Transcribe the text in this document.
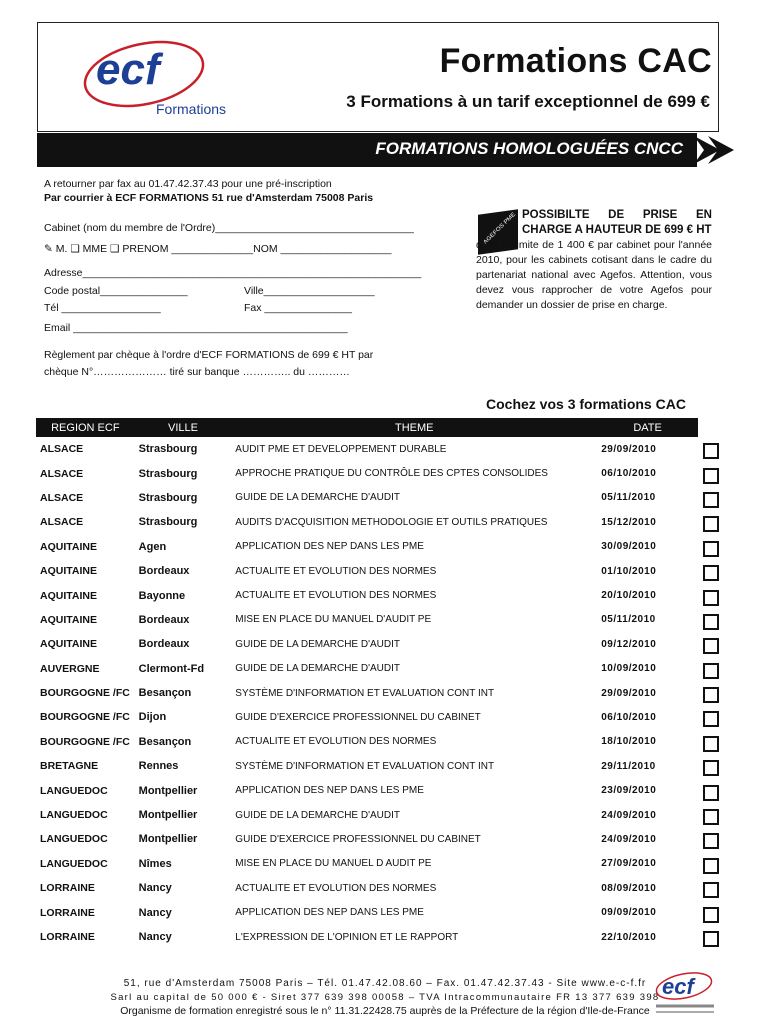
ecf
Formations
Formations CAC
3 Formations à un tarif exceptionnel de 699 €
FORMATIONS HOMOLOGUÉES CNCC
A retourner par fax au 01.47.42.37.43 pour une pré-inscription
Par courrier à ECF FORMATIONS 51 rue d'Amsterdam 75008 Paris
Cabinet (nom du membre de l'Ordre)__________________________________
✎ M. ❑ MME ❑ PRENOM ______________NOM ___________________
Adresse__________________________________________________________
Code postal_______________	Ville___________________
Tél _________________	Fax _______________
Email _______________________________________________
Règlement par chèque à l'ordre d'ECF FORMATIONS de 699 € HT par
chèque N°………………… tiré sur banque ………….. du …………
AGEFOS PME POSSIBILTE DE PRISE EN CHARGE A HAUTEUR DE 699 € HT
dans la limite de 1 400 € par cabinet pour l'année 2010, pour les cabinets cotisant dans le cadre du partenariat national avec Agefos. Attention, vous devez vous rapprocher de votre Agefos pour demander un dossier de prise en charge.
Cochez vos 3 formations CAC
REGION ECF	VILLE	THEME	DATE
ALSACE	Strasbourg	AUDIT PME ET DEVELOPPEMENT DURABLE	29/09/2010
ALSACE	Strasbourg	APPROCHE PRATIQUE DU CONTRÔLE DES CPTES CONSOLIDES	06/10/2010
ALSACE	Strasbourg	GUIDE DE LA DEMARCHE D'AUDIT	05/11/2010
ALSACE	Strasbourg	AUDITS D'ACQUISITION METHODOLOGIE ET OUTILS PRATIQUES	15/12/2010
AQUITAINE	Agen	APPLICATION DES NEP DANS LES PME	30/09/2010
AQUITAINE	Bordeaux	ACTUALITE ET EVOLUTION DES NORMES	01/10/2010
AQUITAINE	Bayonne	ACTUALITE ET EVOLUTION DES NORMES	20/10/2010
AQUITAINE	Bordeaux	MISE EN PLACE DU MANUEL D'AUDIT PE	05/11/2010
AQUITAINE	Bordeaux	GUIDE DE LA DEMARCHE D'AUDIT	09/12/2010
AUVERGNE	Clermont-Fd	GUIDE DE LA DEMARCHE D'AUDIT	10/09/2010
BOURGOGNE /FC	Besançon	SYSTÈME D'INFORMATION ET EVALUATION CONT INT	29/09/2010
BOURGOGNE /FC	Dijon	GUIDE D'EXERCICE PROFESSIONNEL DU CABINET	06/10/2010
BOURGOGNE /FC	Besançon	ACTUALITE ET EVOLUTION DES NORMES	18/10/2010
BRETAGNE	Rennes	SYSTÈME D'INFORMATION ET EVALUATION CONT INT	29/11/2010
LANGUEDOC	Montpellier	APPLICATION DES NEP DANS LES PME	23/09/2010
LANGUEDOC	Montpellier	GUIDE DE LA DEMARCHE D'AUDIT	24/09/2010
LANGUEDOC	Montpellier	GUIDE D'EXERCICE PROFESSIONNEL DU CABINET	24/09/2010
LANGUEDOC	Nîmes	MISE EN PLACE DU MANUEL D AUDIT PE	27/09/2010
LORRAINE	Nancy	ACTUALITE ET EVOLUTION DES NORMES	08/09/2010
LORRAINE	Nancy	APPLICATION DES NEP DANS LES PME	09/09/2010
LORRAINE	Nancy	L'EXPRESSION DE L'OPINION ET LE RAPPORT	22/10/2010
51, rue d'Amsterdam 75008 Paris – Tél. 01.47.42.08.60 – Fax. 01.47.42.37.43 - Site www.e-c-f.fr
Sarl au capital de 50 000 € - Siret 377 639 398 00058 – TVA Intracommunautaire FR 13 377 639 398
Organisme de formation enregistré sous le n° 11.31.22428.75 auprès de la Préfecture de la région d'Ile-de-France
ecf
